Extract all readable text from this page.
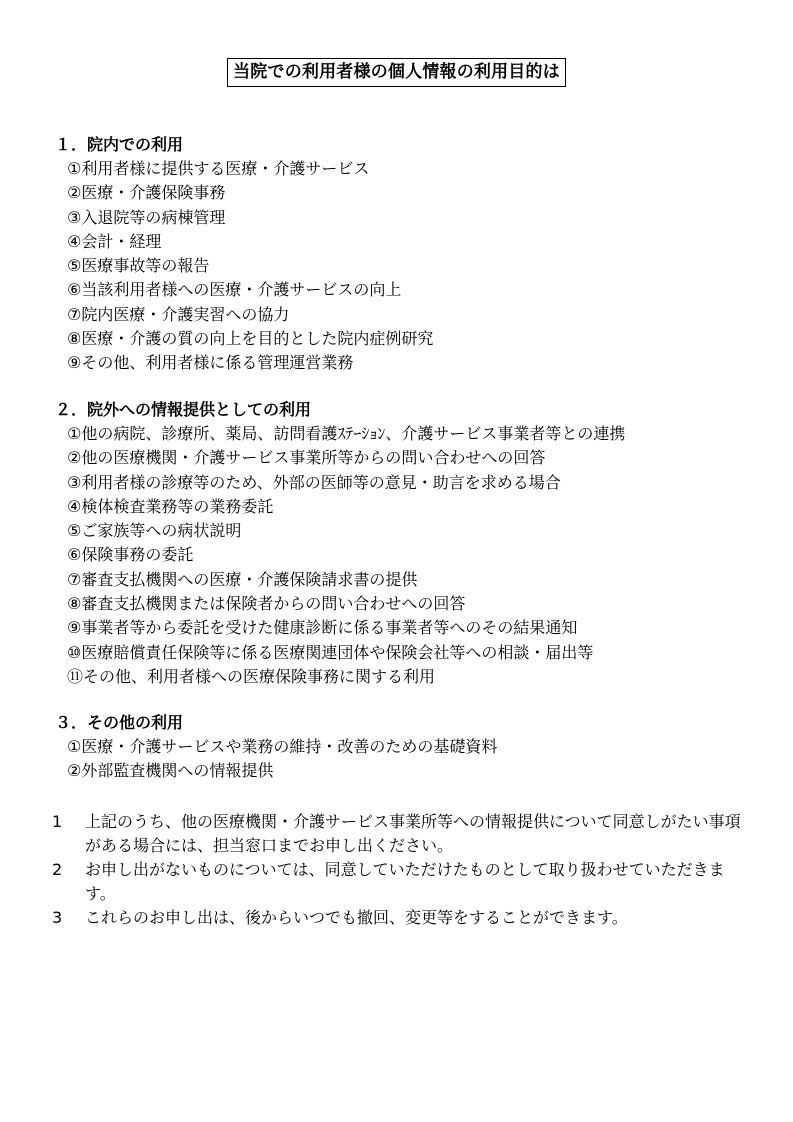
当院での利用者様の個人情報の利用目的は
１．院内での利用
①利用者様に提供する医療・介護サービス
②医療・介護保険事務
③入退院等の病棟管理
④会計・経理
⑤医療事故等の報告
⑥当該利用者様への医療・介護サービスの向上
⑦院内医療・介護実習への協力
⑧医療・介護の質の向上を目的とした院内症例研究
⑨その他、利用者様に係る管理運営業務
２．院外への情報提供としての利用
①他の病院、診療所、薬局、訪問看護ｽﾃｰｼｮﾝ、介護サービス事業者等との連携
②他の医療機関・介護サービス事業所等からの問い合わせへの回答
③利用者様の診療等のため、外部の医師等の意見・助言を求める場合
④検体検査業務等の業務委託
⑤ご家族等への病状説明
⑥保険事務の委託
⑦審査支払機関への医療・介護保険請求書の提供
⑧審査支払機関または保険者からの問い合わせへの回答
⑨事業者等から委託を受けた健康診断に係る事業者等へのその結果通知
⑩医療賠償責任保険等に係る医療関連団体や保険会社等への相談・届出等
⑪その他、利用者様への医療保険事務に関する利用
３．その他の利用
①医療・介護サービスや業務の維持・改善のための基礎資料
②外部監査機関への情報提供
1	上記のうち、他の医療機関・介護サービス事業所等への情報提供について同意しがたい事項がある場合には、担当窓口までお申し出ください。
2	お申し出がないものについては、同意していただけたものとして取り扱わせていただきます。
3	これらのお申し出は、後からいつでも撤回、変更等をすることができます。
